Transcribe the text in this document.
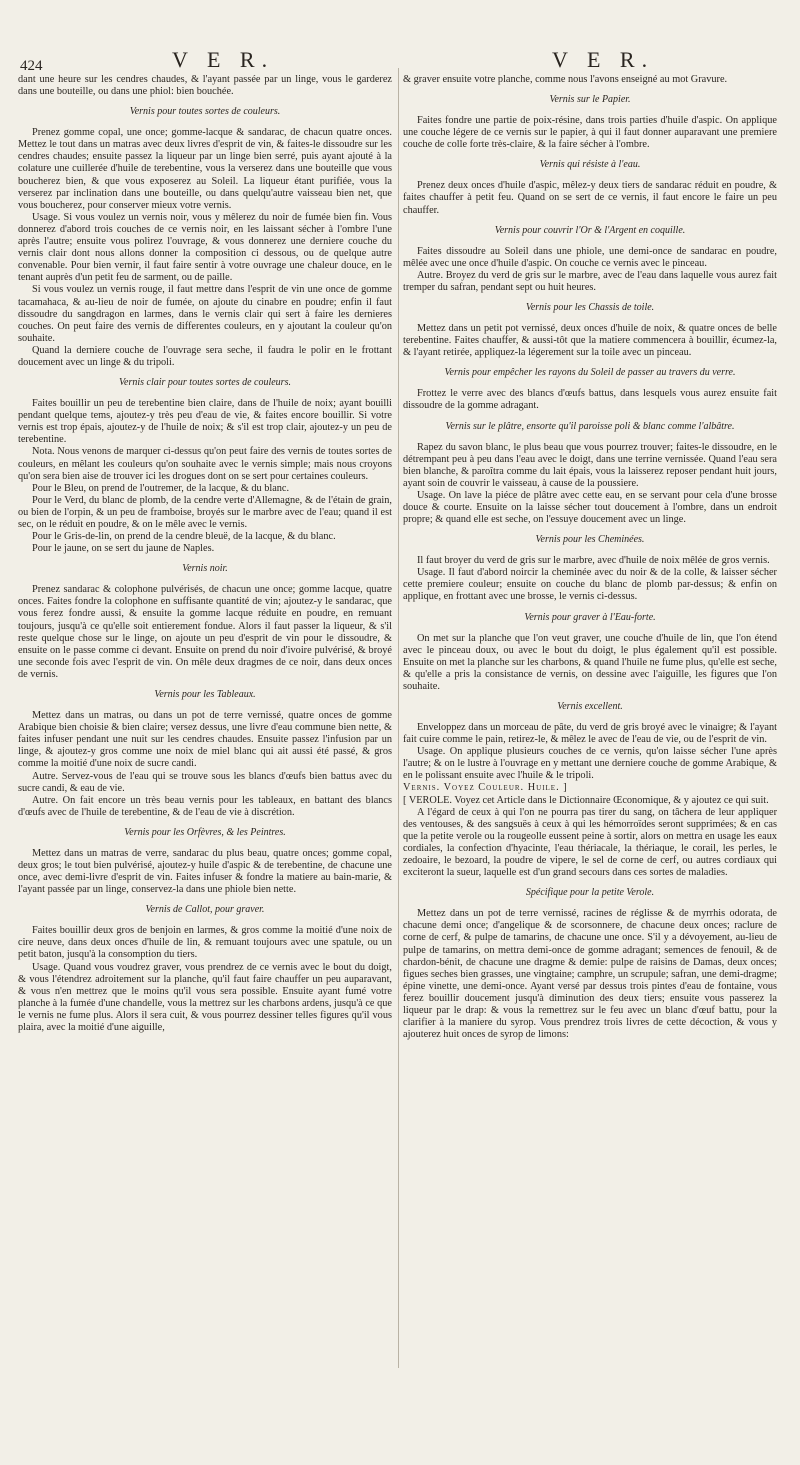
424	V E R.	V E R.

dant une heure sur les cendres chaudes, & l'ayant passée par un linge, vous le garderez dans une bouteille, ou dans une phiol: bien bouchée.

Vernis pour toutes sortes de couleurs.

Prenez gomme copal, une once; gomme-lacque & sandarac, de chacun quatre onces. Mettez le tout dans un matras avec deux livres d'esprit de vin, & faites-le dissoudre sur les cendres chaudes; ensuite passez la liqueur par un linge bien serré, puis ayant ajouté à la colature une cuillerée d'huile de terebentine, vous la verserez dans une bouteille que vous boucherez bien, & que vous exposerez au Soleil. La liqueur étant purifiée, vous la verserez par inclination dans une bouteille, ou dans quelqu'autre vaisseau bien net, que vous boucherez, pour conserver mieux votre vernis.

Usage. Si vous voulez un vernis noir, vous y mêlerez du noir de fumée bien fin. Vous donnerez d'abord trois couches de ce vernis noir, en les laissant sécher à l'ombre l'une après l'autre; ensuite vous polirez l'ouvrage, & vous donnerez une derniere couche du vernis clair dont nous allons donner la composition ci dessous, ou de quelque autre convenable. Pour bien vernir, il faut faire sentir à votre ouvrage une chaleur douce, en le tenant auprès d'un petit feu de sarment, ou de paille.

Si vous voulez un vernis rouge, il faut mettre dans l'esprit de vin une once de gomme tacamahaca, & au-lieu de noir de fumée, on ajoute du cinabre en poudre; enfin il faut dissoudre du sangdragon en larmes, dans le vernis clair qui sert à faire les dernieres couches. On peut faire des vernis de differentes couleurs, en y ajoutant la couleur qu'on souhaite.

Quand la derniere couche de l'ouvrage sera seche, il faudra le polir en le frottant doucement avec un linge & du tripoli.

Vernis clair pour toutes sortes de couleurs.

Faites bouillir un peu de terebentine bien claire, dans de l'huile de noix; ayant bouilli pendant quelque tems, ajoutez-y très peu d'eau de vie, & faites encore bouillir. Si votre vernis est trop épais, ajoutez-y de l'huile de noix; & s'il est trop clair, ajoutez-y un peu de terebentine.

Nota. Nous venons de marquer ci-dessus qu'on peut faire des vernis de toutes sortes de couleurs, en mêlant les couleurs qu'on souhaite avec le vernis simple; mais nous croyons qu'on sera bien aise de trouver ici les drogues dont on se sert pour certaines couleurs.

Pour le Bleu, on prend de l'outremer, de la lacque, & du blanc.

Pour le Verd, du blanc de plomb, de la cendre verte d'Allemagne, & de l'étain de grain, ou bien de l'orpin, & un peu de framboise, broyés sur le marbre avec de l'eau; quand il est sec, on le réduit en poudre, & on le mêle avec le vernis.

Pour le Gris-de-lin, on prend de la cendre bleuë, de la lacque, & du blanc.

Pour le jaune, on se sert du jaune de Naples.

Vernis noir.

Prenez sandarac & colophone pulvérisés, de chacun une once; gomme lacque, quatre onces. Faites fondre la colophone en suffisante quantité de vin; ajoutez-y le sandarac, que vous ferez fondre aussi, & ensuite la gomme lacque réduite en poudre, en remuant toujours, jusqu'à ce qu'elle soit entierement fondue. Alors il faut passer la liqueur, & s'il reste quelque chose sur le linge, on ajoute un peu d'esprit de vin pour le dissoudre, & ensuite on le passe comme ci devant. Ensuite on prend du noir d'ivoire pulvérisé, & broyé une seconde fois avec l'esprit de vin. On mêle deux dragmes de ce noir, dans deux onces de vernis.

Vernis pour les Tableaux.

Mettez dans un matras, ou dans un pot de terre vernissé, quatre onces de gomme Arabique bien choisie & bien claire; versez dessus, une livre d'eau commune bien nette, & faites infuser pendant une nuit sur les cendres chaudes. Ensuite passez l'infusion par un linge, & ajoutez-y gros comme une noix de miel blanc qui ait aussi été passé, & gros comme la moitié d'une noix de sucre candi.

Autre. Servez-vous de l'eau qui se trouve sous les blancs d'œufs bien battus avec du sucre candi, & eau de vie.

Autre. On fait encore un très beau vernis pour les tableaux, en battant des blancs d'œufs avec de l'huile de terebentine, & de l'eau de vie à discrétion.

Vernis pour les Orfèvres, & les Peintres.

Mettez dans un matras de verre, sandarac du plus beau, quatre onces; gomme copal, deux gros; le tout bien pulvérisé, ajoutez-y huile d'aspic & de terebentine, de chacune une once, avec demi-livre d'esprit de vin. Faites infuser & fondre la matiere au bain-marie, & l'ayant passée par un linge, conservez-la dans une phiole bien nette.

Vernis de Callot, pour graver.

Faites bouillir deux gros de benjoin en larmes, & gros comme la moitié d'une noix de cire neuve, dans deux onces d'huile de lin, & remuant toujours avec une spatule, ou un petit baton, jusqu'à la consomption du tiers.

Usage. Quand vous voudrez graver, vous prendrez de ce vernis avec le bout du doigt, & vous l'étendrez adroitement sur la planche, qu'il faut faire chauffer un peu auparavant, & vous n'en mettrez que le moins qu'il vous sera possible. Ensuite ayant fumé votre planche à la fumée d'une chandelle, vous la mettrez sur les charbons ardens, jusqu'à ce que le vernis ne fume plus. Alors il sera cuit, & vous pourrez dessiner telles figures qu'il vous plaira, avec la moitié d'une aiguille,

& graver ensuite votre planche, comme nous l'avons enseigné au mot Gravure.

Vernis sur le Papier.

Faites fondre une partie de poix-résine, dans trois parties d'huile d'aspic. On applique une couche légere de ce vernis sur le papier, à qui il faut donner auparavant une premiere couche de colle forte très-claire, & la faire sécher à l'ombre.

Vernis qui résiste à l'eau.

Prenez deux onces d'huile d'aspic, mêlez-y deux tiers de sandarac réduit en poudre, & faites chauffer à petit feu. Quand on se sert de ce vernis, il faut encore le faire un peu chauffer.

Vernis pour couvrir l'Or & l'Argent en coquille.

Faites dissoudre au Soleil dans une phiole, une demi-once de sandarac en poudre, mêlée avec une once d'huile d'aspic. On couche ce vernis avec le pinceau.

Autre. Broyez du verd de gris sur le marbre, avec de l'eau dans laquelle vous aurez fait tremper du safran, pendant sept ou huit heures.

Vernis pour les Chassis de toile.

Mettez dans un petit pot vernissé, deux onces d'huile de noix, & quatre onces de belle terebentine. Faites chauffer, & aussi-tôt que la matiere commencera à bouillir, écumez-la, & l'ayant retirée, appliquez-la légerement sur la toile avec un pinceau.

Vernis pour empêcher les rayons du Soleil de passer au travers du verre.

Frottez le verre avec des blancs d'œufs battus, dans lesquels vous aurez ensuite fait dissoudre de la gomme adragant.

Vernis sur le plâtre, ensorte qu'il paroisse poli & blanc comme l'albâtre.

Rapez du savon blanc, le plus beau que vous pourrez trouver; faites-le dissoudre, en le détrempant peu à peu dans l'eau avec le doigt, dans une terrine vernissée. Quand l'eau sera bien blanche, & paroîtra comme du lait épais, vous la laisserez reposer pendant huit jours, ayant soin de couvrir le vaisseau, à cause de la poussiere.

Usage. On lave la piéce de plâtre avec cette eau, en se servant pour cela d'une brosse douce & courte. Ensuite on la laisse sécher tout doucement à l'ombre, dans un endroit propre; & quand elle est seche, on l'essuye doucement avec un linge.

Vernis pour les Cheminées.

Il faut broyer du verd de gris sur le marbre, avec d'huile de noix mêlée de gros vernis.

Usage. Il faut d'abord noircir la cheminée avec du noir & de la colle, & laisser sécher cette premiere couleur; ensuite on couche du blanc de plomb par-dessus; & enfin on applique, en frottant avec une brosse, le vernis ci-dessus.

Vernis pour graver à l'Eau-forte.

On met sur la planche que l'on veut graver, une couche d'huile de lin, que l'on étend avec le pinceau doux, ou avec le bout du doigt, le plus également qu'il est possible. Ensuite on met la planche sur les charbons, & quand l'huile ne fume plus, qu'elle est seche, & qu'elle a pris la consistance de vernis, on dessine avec l'aiguille, les figures que l'on souhaite.

Vernis excellent.

Enveloppez dans un morceau de pâte, du verd de gris broyé avec le vinaigre; & l'ayant fait cuire comme le pain, retirez-le, & mêlez le avec de l'eau de vie, ou de l'esprit de vin.

Usage. On applique plusieurs couches de ce vernis, qu'on laisse sécher l'une après l'autre; & on le lustre à l'ouvrage en y mettant une derniere couche de gomme Arabique, & en le polissant ensuite avec l'huile & le tripoli.

Vernis. Voyez Couleur. Huile. ]

[ VEROLE. Voyez cet Article dans le Dictionnaire Œconomique, & y ajoutez ce qui suit.

A l'égard de ceux à qui l'on ne pourra pas tirer du sang, on tâchera de leur appliquer des ventouses, & des sangsuës à ceux à qui les hémorroïdes seront supprimées; & en cas que la petite verole ou la rougeolle eussent peine à sortir, alors on mettra en usage les eaux cordiales, la confection d'hyacinte, l'eau thériacale, la thériaque, le corail, les perles, le zedoaire, le bezoard, la poudre de vipere, le sel de corne de cerf, ou autres cordiaux qui exciteront la sueur, laquelle est d'un grand secours dans ces sortes de maladies.

Spécifique pour la petite Verole.

Mettez dans un pot de terre vernissé, racines de réglisse & de myrrhis odorata, de chacune demi once; d'angelique & de scorsonnere, de chacune deux onces; raclure de corne de cerf, & pulpe de tamarins, de chacune une once. S'il y a dévoyement, au-lieu de pulpe de tamarins, on mettra demi-once de gomme adragant; semences de fenouil, & de chardon-bénit, de chacune une dragme & demie: pulpe de raisins de Damas, deux onces; figues seches bien grasses, une vingtaine; camphre, un scrupule; safran, une demi-dragme; épine vinette, une demi-once. Ayant versé par dessus trois pintes d'eau de fontaine, vous ferez bouillir doucement jusqu'à diminution des deux tiers; ensuite vous passerez la liqueur par le drap: & vous la remettrez sur le feu avec un blanc d'œuf battu, pour la clarifier à la maniere du syrop. Vous prendrez trois livres de cette décoction, & vous y ajouterez huit onces de syrop de limons:
